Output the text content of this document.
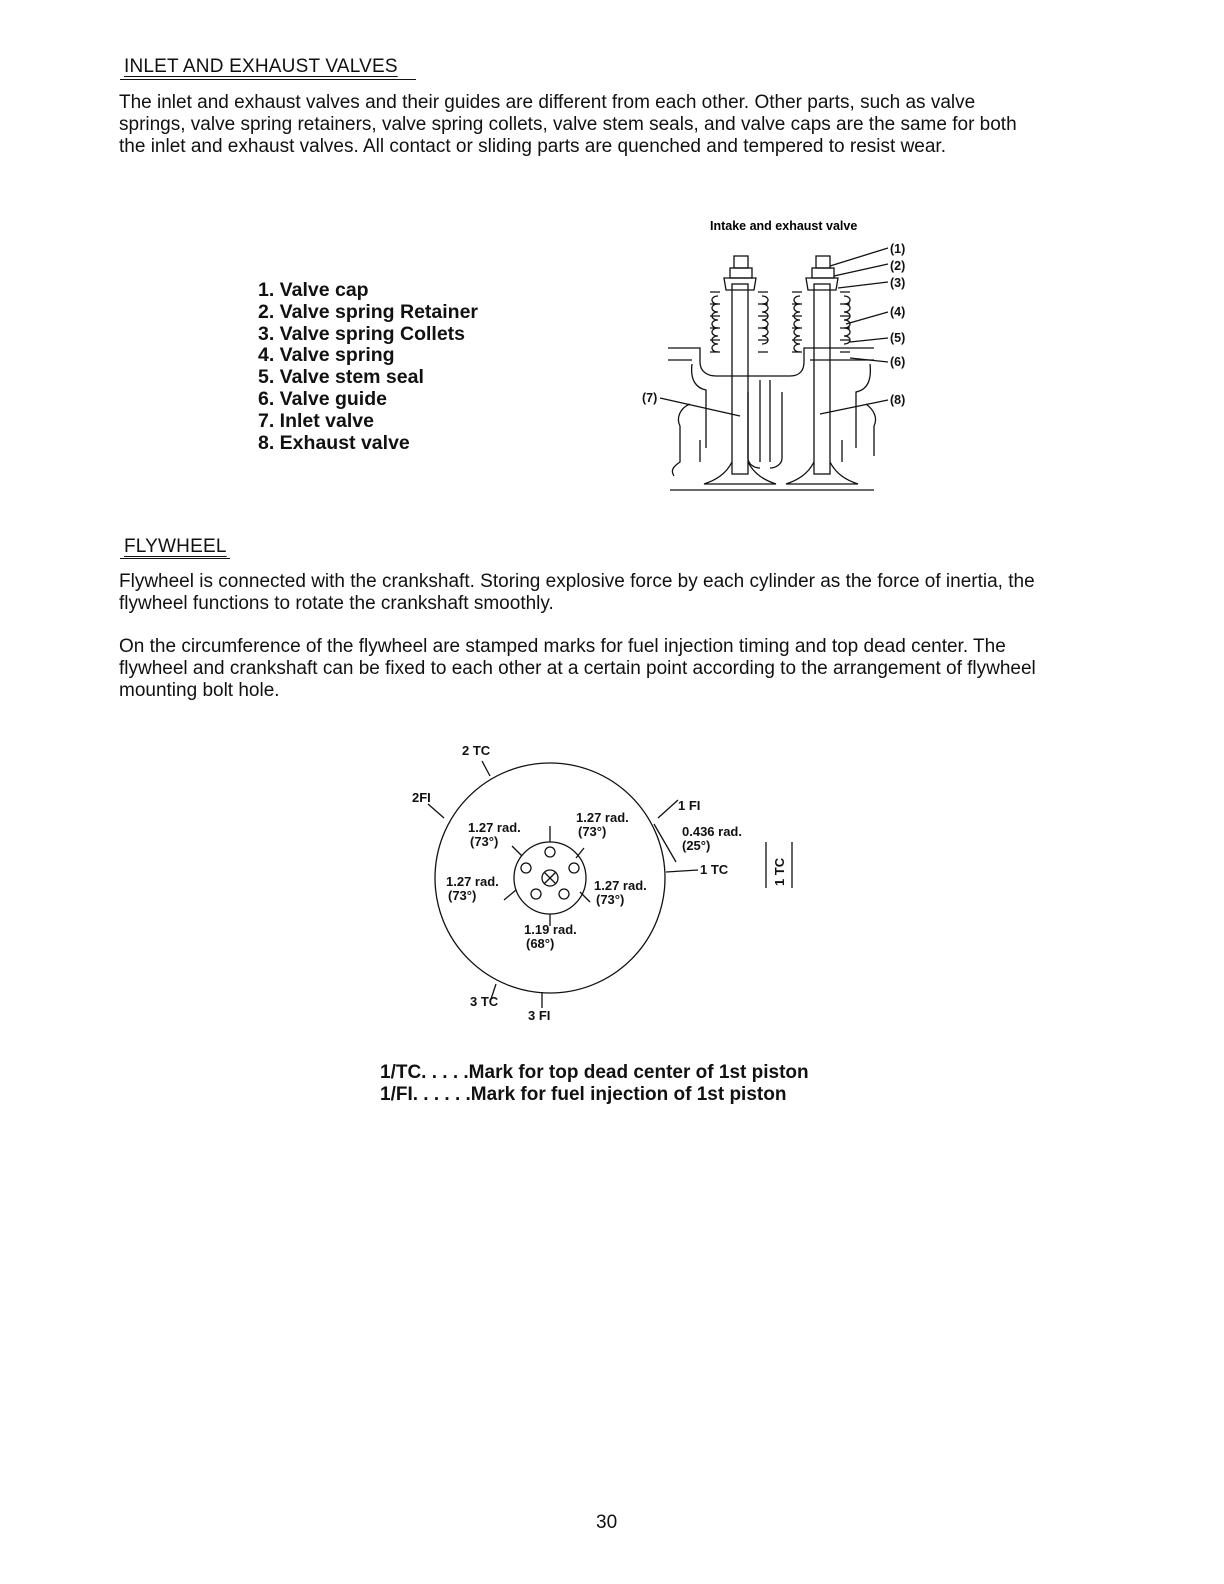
INLET AND EXHAUST VALVES
The inlet and exhaust valves and their guides are different from each other. Other parts, such as valve springs, valve spring retainers, valve spring collets, valve stem seals, and valve caps are the same for both the inlet and exhaust valves. All contact or sliding parts are quenched and tempered to resist wear.
1. Valve cap
2. Valve spring Retainer
3. Valve spring Collets
4. Valve spring
5. Valve stem seal
6. Valve guide
7. Inlet valve
8. Exhaust valve
Intake and exhaust valve
(1)
(2)
(3)
(4)
(5)
(6)
(7)	(8)
FLYWHEEL
Flywheel is connected with the crankshaft. Storing explosive force by each cylinder as the force of inertia, the flywheel functions to rotate the crankshaft smoothly.
On the circumference of the flywheel are stamped marks for fuel injection timing and top dead center. The flywheel and crankshaft can be fixed to each other at a certain point according to the arrangement of flywheel mounting bolt hole.
2 TC
2FI
1 FI
1 TC
3 TC
3 FI
1.27 rad.
(73°)
1.27 rad.
(73°)
1.27 rad.
(73°)
1.27 rad.
(73°)
1.19 rad.
(68°)
0.436 rad.
(25°)
1 TC
1/TC. . . . .Mark for top dead center of 1st piston
1/FI. . . . . .Mark for fuel injection of 1st piston
30
